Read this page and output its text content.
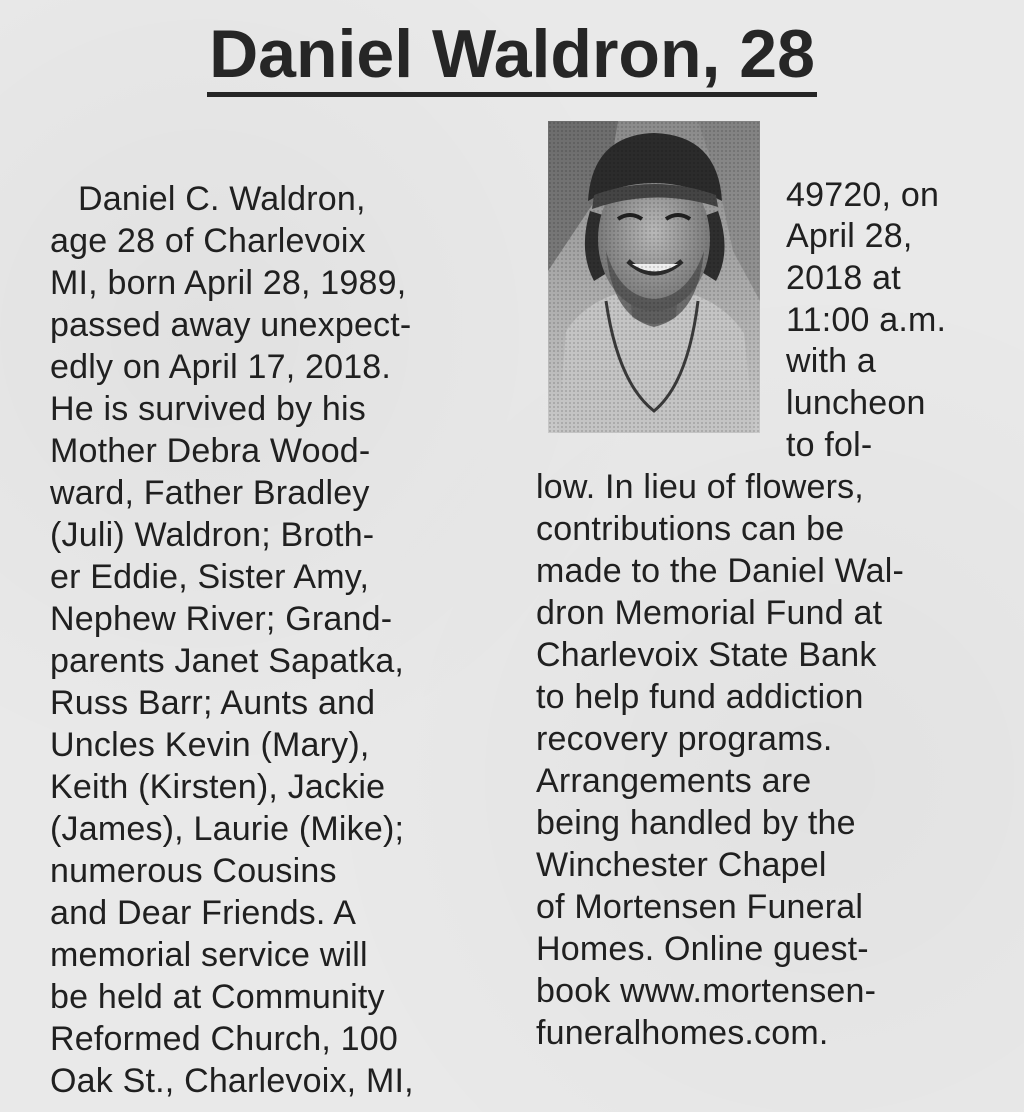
Daniel Waldron, 28
Daniel C. Waldron,
age 28 of Charlevoix
MI, born April 28, 1989,
passed away unexpect-
edly on April 17, 2018.
He is survived by his
Mother Debra Wood-
ward, Father Bradley
(Juli) Waldron; Broth-
er Eddie, Sister Amy,
Nephew River; Grand-
parents Janet Sapatka,
Russ Barr; Aunts and
Uncles Kevin (Mary),
Keith (Kirsten), Jackie
(James), Laurie (Mike);
numerous Cousins
and Dear Friends. A
memorial service will
be held at Community
Reformed Church, 100
Oak St., Charlevoix, MI,
49720, on
April 28,
2018 at
11:00 a.m.
with a
luncheon
to fol-
low. In lieu of flowers,
contributions can be
made to the Daniel Wal-
dron Memorial Fund at
Charlevoix State Bank
to help fund addiction
recovery programs.
Arrangements are
being handled by the
Winchester Chapel
of Mortensen Funeral
Homes. Online guest-
book www.mortensen-
funeralhomes.com.
